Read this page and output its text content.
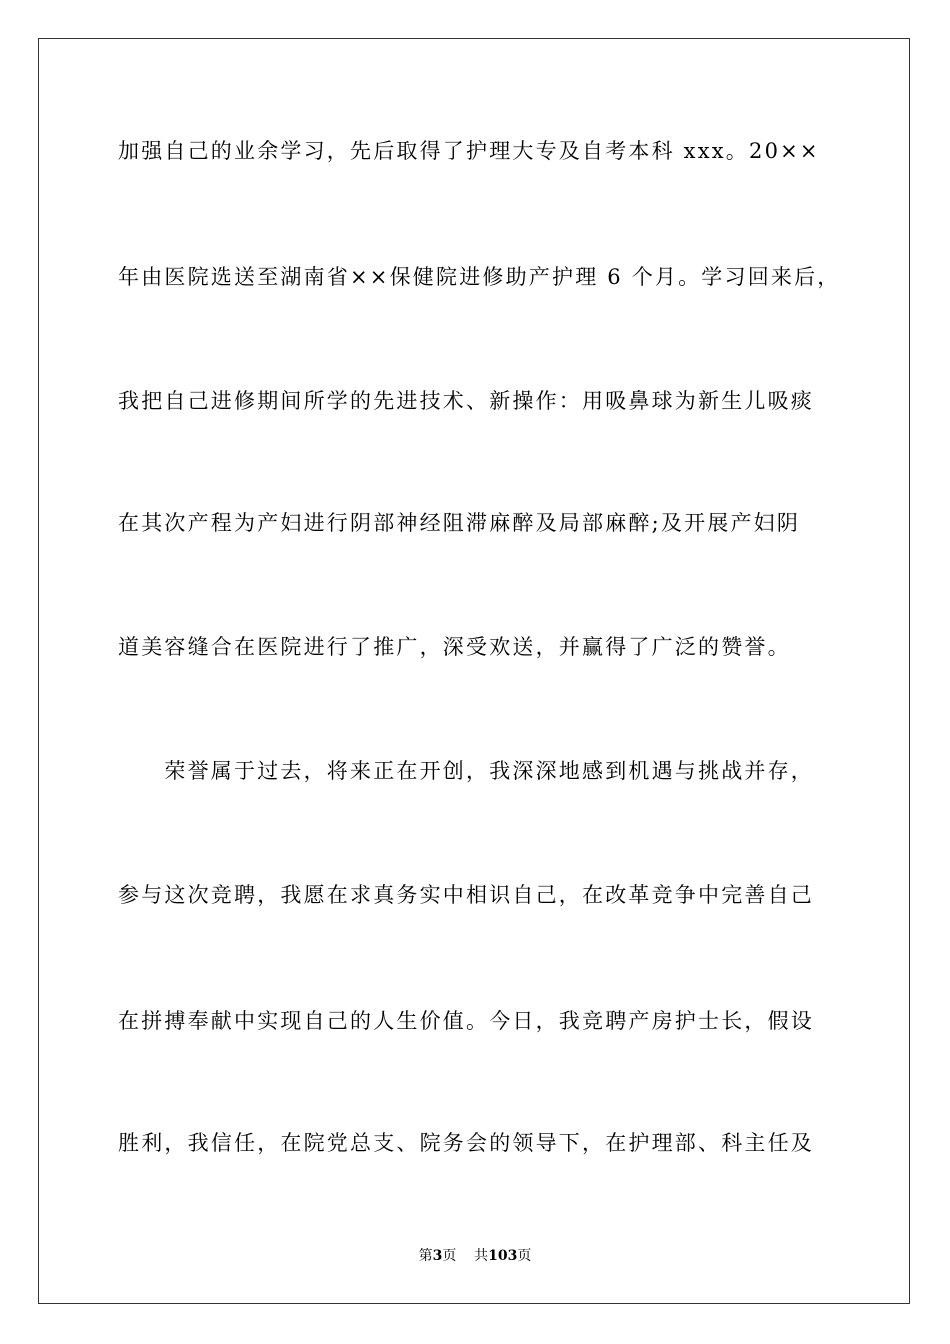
加强自己的业余学习，先后取得了护理大专及自考本科 xxx。20××
年由医院选送至湖南省××保健院进修助产护理 6 个月。学习回来后，
我把自己进修期间所学的先进技术、新操作：用吸鼻球为新生儿吸痰
在其次产程为产妇进行阴部神经阻滞麻醉及局部麻醉;及开展产妇阴
道美容缝合在医院进行了推广，深受欢送，并赢得了广泛的赞誉。
　　荣誉属于过去，将来正在开创，我深深地感到机遇与挑战并存，
参与这次竞聘，我愿在求真务实中相识自己，在改革竞争中完善自己
在拼搏奉献中实现自己的人生价值。今日，我竞聘产房护士长，假设
胜利，我信任，在院党总支、院务会的领导下，在护理部、科主任及
第3页 共103页
